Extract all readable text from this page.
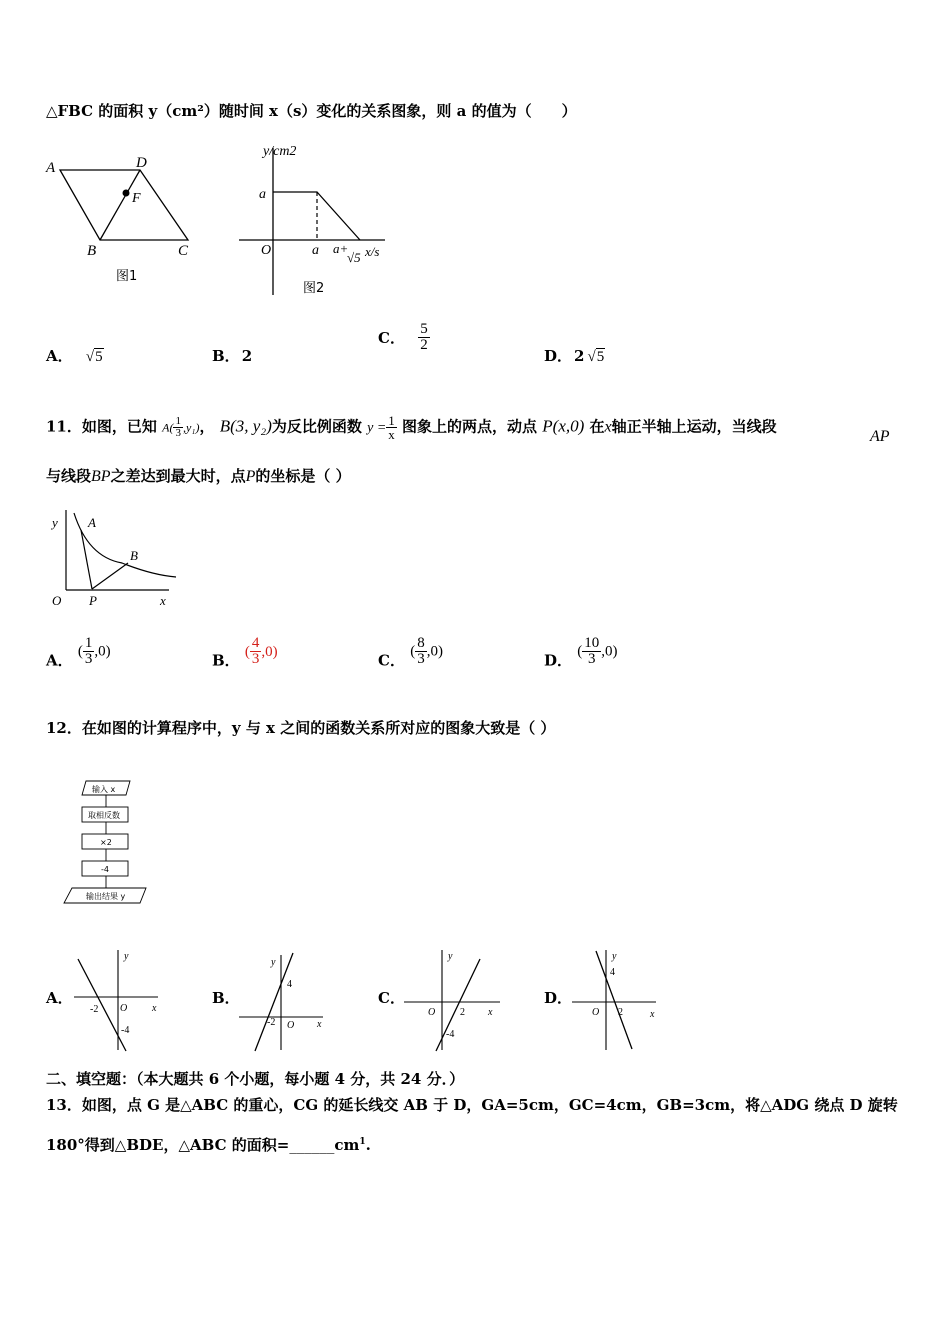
△FBC 的面积 y（cm²）随时间 x（s）变化的关系图象，则 a 的值为（　　）
A	D
F
B	C
图1
y/cm2
a
O	a a+
√5 x/s
图2
A． √5	B． 2
C． $\frac{5}{2}$
D． 2 √5
11．如图，已知 $A( \frac{1}{3} ,y_1)$， B(3, y₂)为反比例函数 $y = \frac{1}{x}$ 图象上的两点，动点 P(x,0) 在x轴正半轴上运动，当线段
AP
与线段BP之差达到最大时，点P的坐标是（ ）
y A
B
O P	x
A． ( $\frac{1}{3} ,0$)	B． ( $\frac{4}{3} ,0$)	C． ( $\frac{8}{3} ,0$)	D． ( $\frac{10}{3} ,0$)
12．在如图的计算程序中，y 与 x 之间的函数关系所对应的图象大致是（ ）
输入 x
取相反数
×2
-4
输出结果 y
A．
y
x
O
-2
-4
B．
y
x
O
-2
4
C．
y
x
O 2
-4
D．
y
x
O 2
4
二、填空题：（本大题共 6 个小题，每小题 4 分，共 24 分．）
13．如图，点 G 是△ABC 的重心，CG 的延长线交 AB 于 D，GA=5cm，GC=4cm，GB=3cm，将△ADG 绕点 D 旋转
180°得到△BDE，△ABC 的面积$=\_\_\_\_\_\_cm^1$.
